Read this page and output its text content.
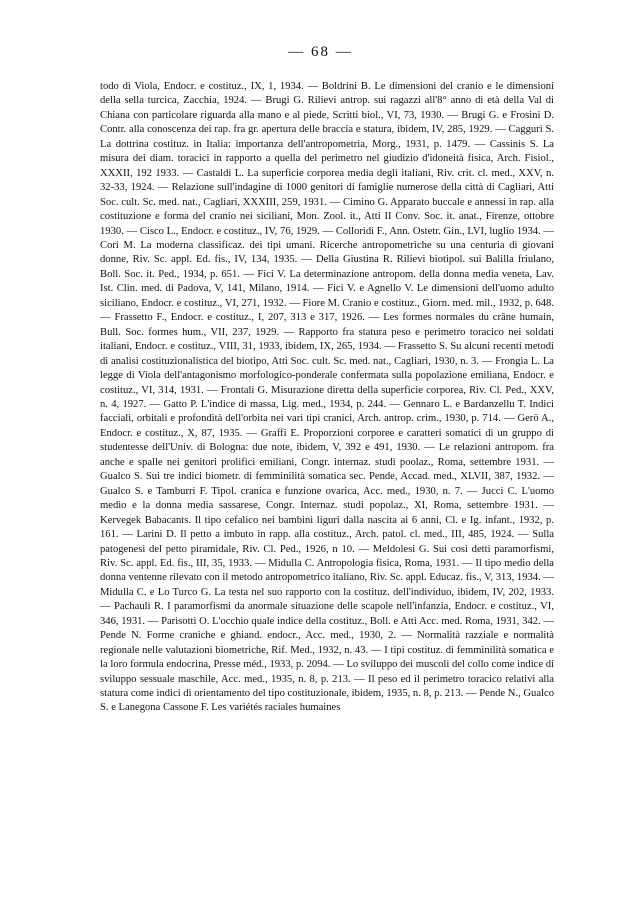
— 68 —

todo di Viola, Endocr. e costituz., IX, 1, 1934. — Boldrini B. Le dimensioni del cranio e le dimensioni della sella turcica, Zacchia, 1924. — Brugi G. Rilievi antrop. sui ragazzi all'8° anno di età della Val di Chiana con particolare riguarda alla mano e al piede, Scritti biol., VI, 73, 1930. — Brugi G. e Frosini D. Contr. alla conoscenza dei rap. fra gr. apertura delle braccia e statura, ibidem, IV, 285, 1929. — Cagguri S. La dottrina costituz. in Italia: importanza dell'antropometria, Morg., 1931, p. 1479. — Cassinis S. La misura dei diam. toracici in rapporto a quella del perimetro nel giudizio d'idoneità fisica, Arch. Fisiol., XXXII, 192 1933. — Castaldi L. La superficie corporea media degli italiani, Riv. crit. cl. med., XXV, n. 32-33, 1924. — Relazione sull'indagine di 1000 genitori di famiglie numerose della città di Cagliari, Atti Soc. cult. Sc. med. nat., Cagliari, XXXIII, 259, 1931. — Cimino G. Apparato buccale e annessi in rap. alla costituzione e forma del cranio nei siciliani, Mon. Zool. it., Atti II Conv. Soc. it. anat., Firenze, ottobre 1930. — Cisco L., Endocr. e costituz., IV, 76, 1929. — Colloridi F., Ann. Ostetr. Gin., LVI, luglio 1934. — Cori M. La moderna classificaz. dei tipi umani. Ricerche antropometriche su una centuria di giovani donne, Riv. Sc. appl. Ed. fis., IV, 134, 1935. — Della Giustina R. Rilievi biotipol. sui Balilla friulano, Boll. Soc. it. Ped., 1934, p. 651. — Fici V. La determinazione antropom. della donna media veneta, Lav. Ist. Clin. med. di Padova, V, 141, Milano, 1914. — Fici V. e Agnello V. Le dimensioni dell'uomo adulto siciliano, Endocr. e costituz., VI, 271, 1932. — Fiore M. Cranio e costituz., Giorn. med. mil., 1932, p. 648. — Frassetto F., Endocr. e costituz., I, 207, 313 e 317, 1926. — Les formes normales du crâne humain, Bull. Soc. formes hum., VII, 237, 1929. — Rapporto fra statura peso e perimetro toracico nei soldati italiani, Endocr. e costituz., VIII, 31, 1933, ibidem, IX, 265, 1934. — Frassetto S. Su alcuni recenti metodi di analisi costituzionalistica del biotipo, Atti Soc. cult. Sc. med. nat., Cagliari, 1930, n. 3. — Frongia L. La legge di Viola dell'antagonismo morfologico-ponderale confermata sulla popolazione emiliana, Endocr. e costituz., VI, 314, 1931. — Frontali G. Misurazione diretta della superficie corporea, Riv. Cl. Ped., XXV, n. 4, 1927. — Gatto P. L'indice di massa, Lig. med., 1934, p. 244. — Gennaro L. e Bardanzellu T. Indici facciali, orbitali e profondità dell'orbita nei vari tipi cranici, Arch. antrop. crim., 1930, p. 714. — Gerö A., Endocr. e costituz., X, 87, 1935. — Graffi E. Proporzioni corporee e caratteri somatici di un gruppo di studentesse dell'Univ. di Bologna: due note, ibidem, V, 392 e 491, 1930. — Le relazioni antropom. fra anche e spalle nei genitori prolifici emiliani, Congr. internaz. studi poolaz., Roma, settembre 1931. — Gualco S. Sui tre indici biometr. di femminilità somatica sec. Pende, Accad. med., XLVII, 387, 1932. — Gualco S. e Tamburri F. Tipol. cranica e funzione ovarica, Acc. med., 1930, n. 7. — Jucci C. L'uomo medio e la donna media sassarese, Congr. Internaz. studi popolaz., XI, Roma, settembre 1931. — Kervegek Babacants. Il tipo cefalico nei bambini liguri dalla nascita ai 6 anni, Cl. e Ig. infant., 1932, p. 161. — Larini D. Il petto a imbuto in rapp. alla costituz., Arch. patol. cl. med., III, 485, 1924. — Sulla patogenesi del petto piramidale, Riv. Cl. Ped., 1926, n 10. — Meldolesi G. Sui così detti paramorfismi, Riv. Sc. appl. Ed. fis., III, 35, 1933. — Midulla C. Antropologia fisica, Roma, 1931. — Il tipo medio della donna ventenne rilevato con il metodo antropometrico italiano, Riv. Sc. appl. Educaz. fis., V, 313, 1934. — Midulla C. e Lo Turco G. La testa nel suo rapporto con la costituz. dell'individuo, ibidem, IV, 202, 1933. — Pachauli R. I paramorfismi da anormale situazione delle scapole nell'infanzia, Endocr. e costituz., VI, 346, 1931. — Parisotti O. L'occhio quale indice della costituz., Boll. e Atti Acc. med. Roma, 1931, 342. — Pende N. Forme craniche e ghiand. endocr., Acc. med., 1930, 2. — Normalità razziale e normalità regionale nelle valutazioni biometriche, Rif. Med., 1932, n. 43. — I tipi costituz. di femminilità somatica e la loro formula endocrina, Presse méd., 1933, p. 2094. — Lo sviluppo dei muscoli del collo come indice di sviluppo sessuale maschile, Acc. med., 1935, n. 8, p. 213. — Il peso ed il perimetro toracico relativi alla statura come indici di orientamento del tipo costituzionale, ibidem, 1935, n. 8, p. 213. — Pende N., Gualco S. e Lanegona Cassone F. Les variétés raciales humaines
